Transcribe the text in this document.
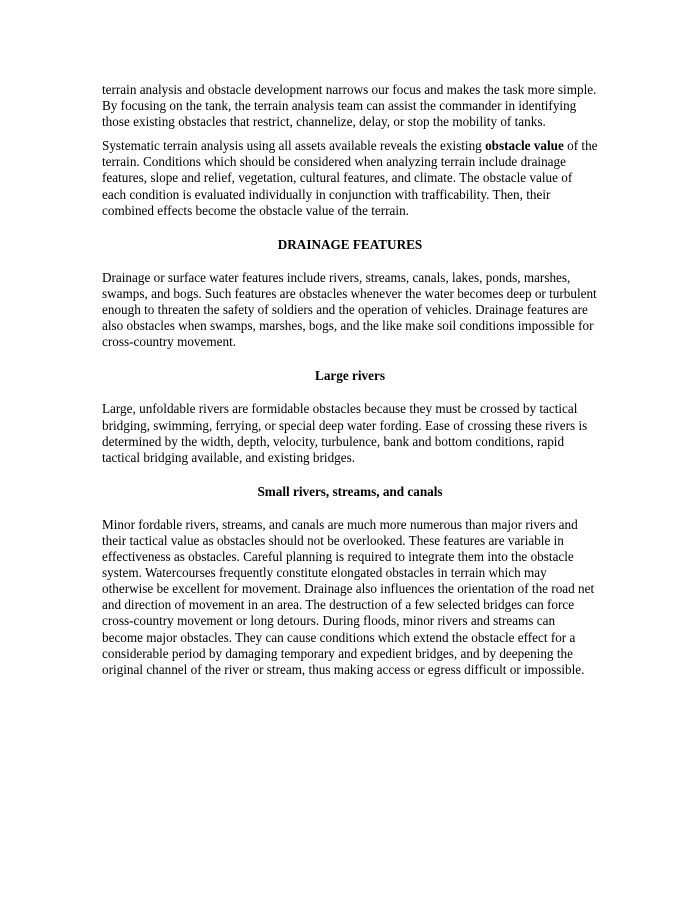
terrain analysis and obstacle development narrows our focus and makes the task more simple. By focusing on the tank, the terrain analysis team can assist the commander in identifying those existing obstacles that restrict, channelize, delay, or stop the mobility of tanks.

Systematic terrain analysis using all assets available reveals the existing obstacle value of the terrain. Conditions which should be considered when analyzing terrain include drainage features, slope and relief, vegetation, cultural features, and climate. The obstacle value of each condition is evaluated individually in conjunction with trafficability. Then, their combined effects become the obstacle value of the terrain.

DRAINAGE FEATURES

Drainage or surface water features include rivers, streams, canals, lakes, ponds, marshes, swamps, and bogs. Such features are obstacles whenever the water becomes deep or turbulent enough to threaten the safety of soldiers and the operation of vehicles. Drainage features are also obstacles when swamps, marshes, bogs, and the like make soil conditions impossible for cross-country movement.

Large rivers

Large, unfoldable rivers are formidable obstacles because they must be crossed by tactical bridging, swimming, ferrying, or special deep water fording. Ease of crossing these rivers is determined by the width, depth, velocity, turbulence, bank and bottom conditions, rapid tactical bridging available, and existing bridges.

Small rivers, streams, and canals

Minor fordable rivers, streams, and canals are much more numerous than major rivers and their tactical value as obstacles should not be overlooked. These features are variable in effectiveness as obstacles. Careful planning is required to integrate them into the obstacle system. Watercourses frequently constitute elongated obstacles in terrain which may otherwise be excellent for movement. Drainage also influences the orientation of the road net and direction of movement in an area. The destruction of a few selected bridges can force cross-country movement or long detours. During floods, minor rivers and streams can become major obstacles. They can cause conditions which extend the obstacle effect for a considerable period by damaging temporary and expedient bridges, and by deepening the original channel of the river or stream, thus making access or egress difficult or impossible.
